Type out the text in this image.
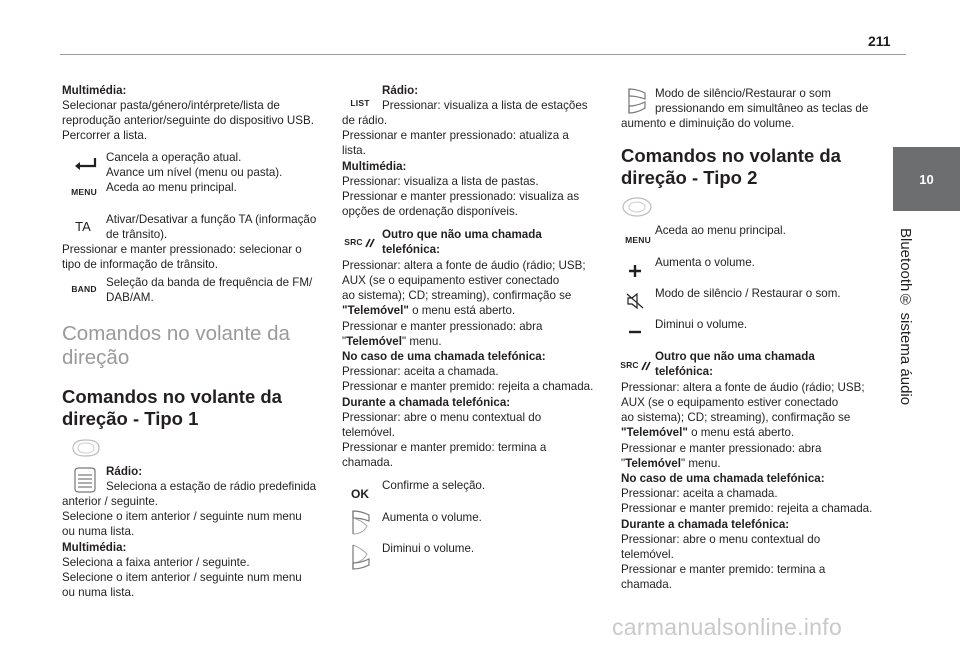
211
10
Bluetooth® sistema áudio
Multimédia:
Selecionar pasta/género/intérprete/lista de
reprodução anterior/seguinte do dispositivo USB.
Percorrer a lista.
Cancela a operação atual.
Avance um nível (menu ou pasta).
MENU Aceda ao menu principal.
TA Ativar/Desativar a função TA (informação
de trânsito).
Pressionar e manter pressionado: selecionar o
tipo de informação de trânsito.
BAND Seleção da banda de frequência de FM/
DAB/AM.
Comandos no volante da
direção
Comandos no volante da
direção - Tipo 1
Rádio:
Seleciona a estação de rádio predefinida
anterior / seguinte.
Selecione o item anterior / seguinte num menu
ou numa lista.
Multimédia:
Seleciona a faixa anterior / seguinte.
Selecione o item anterior / seguinte num menu
ou numa lista.
LIST
Rádio:
Pressionar: visualiza a lista de estações
de rádio.
Pressionar e manter pressionado: atualiza a
lista.
Multimédia:
Pressionar: visualiza a lista de pastas.
Pressionar e manter pressionado: visualiza as
opções de ordenação disponíveis.
SRC
Outro que não uma chamada
telefónica:
Pressionar: altera a fonte de áudio (rádio; USB;
AUX (se o equipamento estiver conectado
ao sistema); CD; streaming), confirmação se
"Telemóvel" o menu está aberto.
Pressionar e manter pressionado: abra
"Telemóvel" menu.
No caso de uma chamada telefónica:
Pressionar: aceita a chamada.
Pressionar e manter premido: rejeita a chamada.
Durante a chamada telefónica:
Pressionar: abre o menu contextual do
telemóvel.
Pressionar e manter premido: termina a
chamada.
OK
Confirme a seleção.
Aumenta o volume.
Diminui o volume.
Modo de silêncio/Restaurar o som
pressionando em simultâneo as teclas de
aumento e diminuição do volume.
Comandos no volante da
direção - Tipo 2
MENU
Aceda ao menu principal.
Aumenta o volume.
Modo de silêncio / Restaurar o som.
Diminui o volume.
SRC
Outro que não uma chamada
telefónica:
Pressionar: altera a fonte de áudio (rádio; USB;
AUX (se o equipamento estiver conectado
ao sistema); CD; streaming), confirmação se
"Telemóvel" o menu está aberto.
Pressionar e manter pressionado: abra
"Telemóvel" menu.
No caso de uma chamada telefónica:
Pressionar: aceita a chamada.
Pressionar e manter premido: rejeita a chamada.
Durante a chamada telefónica:
Pressionar: abre o menu contextual do
telemóvel.
Pressionar e manter premido: termina a
chamada.
carmanualsonline.info
